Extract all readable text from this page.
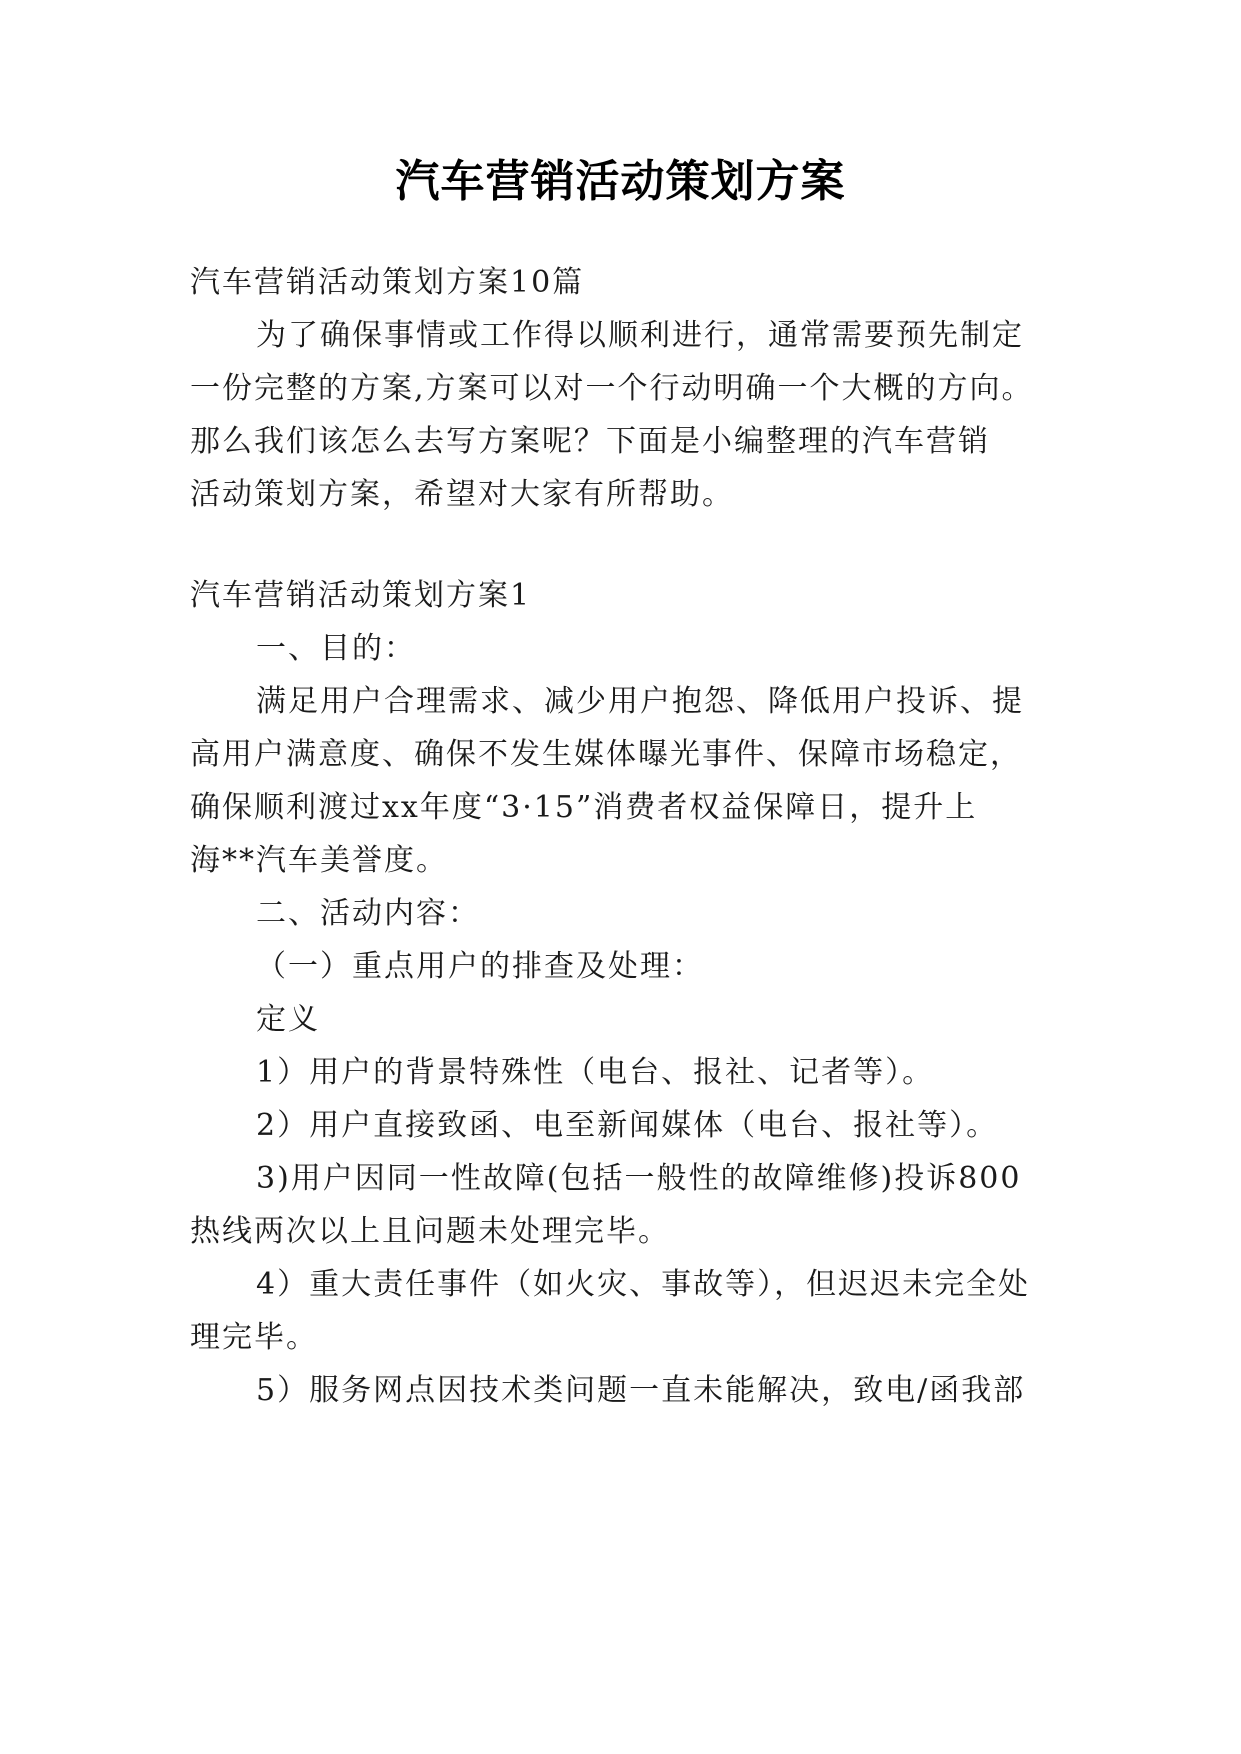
汽车营销活动策划方案
汽车营销活动策划方案10篇
为了确保事情或工作得以顺利进行，通常需要预先制定
一份完整的方案,方案可以对一个行动明确一个大概的方向。
那么我们该怎么去写方案呢？下面是小编整理的汽车营销
活动策划方案，希望对大家有所帮助。
汽车营销活动策划方案1
一、目的：
满足用户合理需求、减少用户抱怨、降低用户投诉、提
高用户满意度、确保不发生媒体曝光事件、保障市场稳定，
确保顺利渡过xx年度“3·15”消费者权益保障日，提升上
海**汽车美誉度。
二、活动内容：
（一）重点用户的排查及处理：
定义
1）用户的背景特殊性（电台、报社、记者等）。
2）用户直接致函、电至新闻媒体（电台、报社等）。
3)用户因同一性故障(包括一般性的故障维修)投诉800
热线两次以上且问题未处理完毕。
4）重大责任事件（如火灾、事故等），但迟迟未完全处
理完毕。
5）服务网点因技术类问题一直未能解决，致电/函我部
